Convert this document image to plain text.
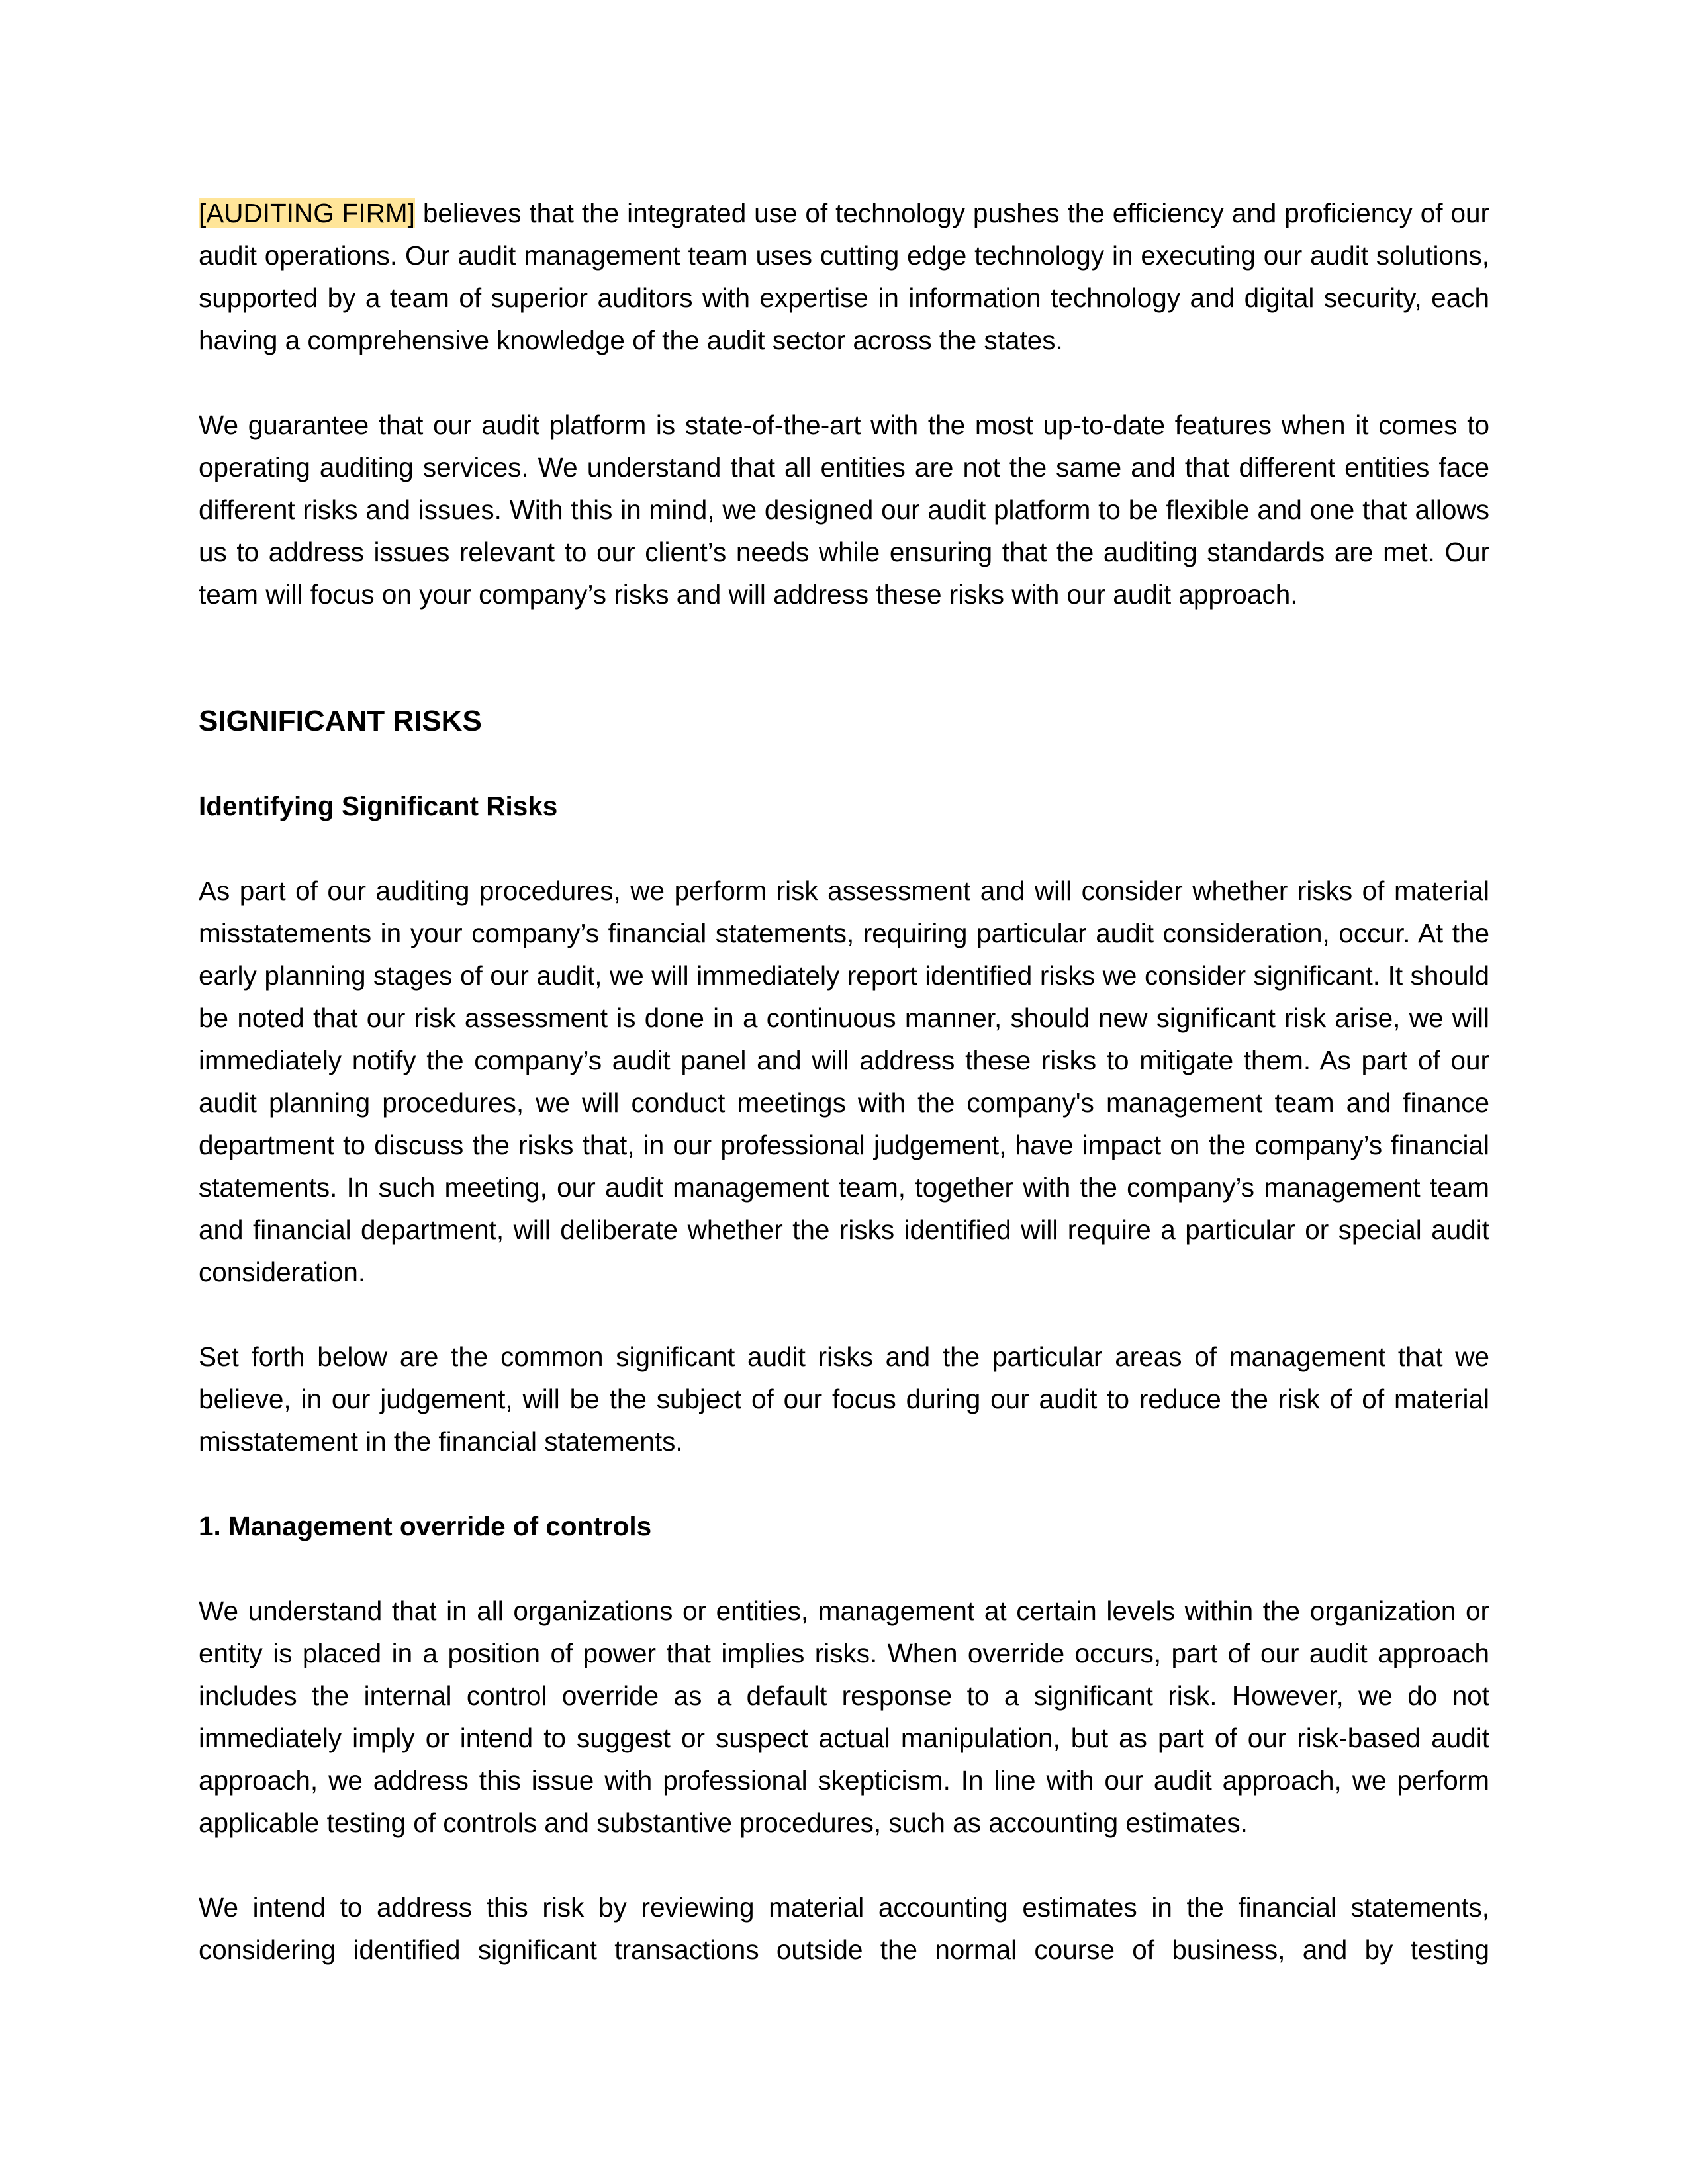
[AUDITING FIRM] believes that the integrated use of technology pushes the efficiency and proficiency of our audit operations. Our audit management team uses cutting edge technology in executing our audit solutions, supported by a team of superior auditors with expertise in information technology and digital security, each having a comprehensive knowledge of the audit sector across the states.

We guarantee that our audit platform is state-of-the-art with the most up-to-date features when it comes to operating auditing services. We understand that all entities are not the same and that different entities face different risks and issues. With this in mind, we designed our audit platform to be flexible and one that allows us to address issues relevant to our client’s needs while ensuring that the auditing standards are met. Our team will focus on your company’s risks and will address these risks with our audit approach.

SIGNIFICANT RISKS
Identifying Significant Risks

As part of our auditing procedures, we perform risk assessment and will consider whether risks of material misstatements in your company’s financial statements, requiring particular audit consideration, occur. At the early planning stages of our audit, we will immediately report identified risks we consider significant. It should be noted that our risk assessment is done in a continuous manner, should new significant risk arise, we will immediately notify the company’s audit panel and will address these risks to mitigate them. As part of our audit planning procedures, we will conduct meetings with the company's management team and finance department to discuss the risks that, in our professional judgement, have impact on the company’s financial statements. In such meeting, our audit management team, together with the company’s management team and financial department, will deliberate whether the risks identified will require a particular or special audit consideration.

Set forth below are the common significant audit risks and the particular areas of management that we believe, in our judgement, will be the subject of our focus during our audit to reduce the risk of of material misstatement in the financial statements.

1. Management override of controls

We understand that in all organizations or entities, management at certain levels within the organization or entity is placed in a position of power that implies risks. When override occurs, part of our audit approach includes the internal control override as a default response to a significant risk. However, we do not immediately imply or intend to suggest or suspect actual manipulation, but as part of our risk-based audit approach, we address this issue with professional skepticism. In line with our audit approach, we perform applicable testing of controls and substantive procedures, such as accounting estimates.

We intend to address this risk by reviewing material accounting estimates in the financial statements, considering identified significant transactions outside the normal course of business, and by testing
